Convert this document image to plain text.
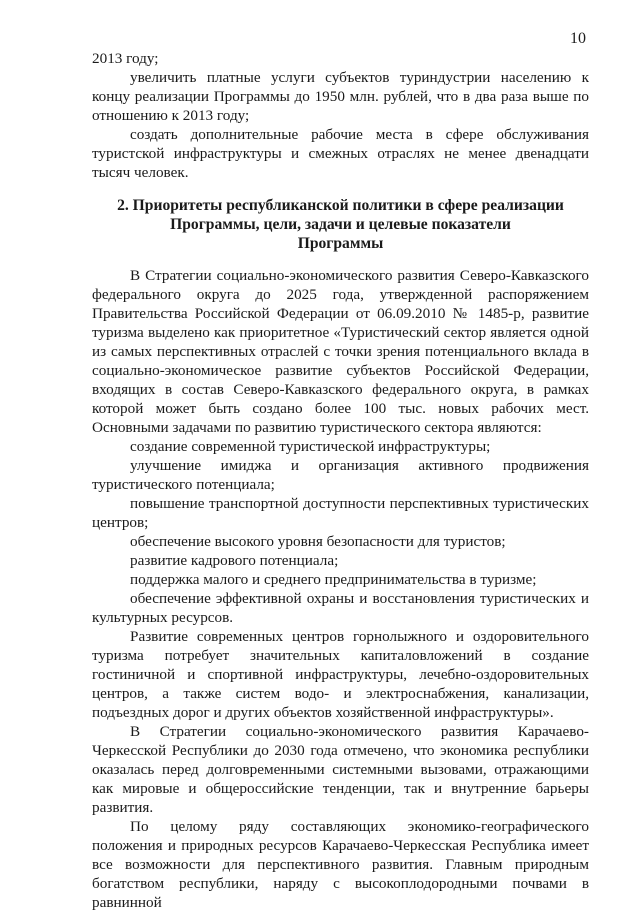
10

2013 году;

увеличить платные услуги субъектов туриндустрии населению к концу реализации Программы до 1950 млн. рублей, что в два раза выше по отношению к 2013 году;

создать дополнительные рабочие места в сфере обслуживания туристской инфраструктуры и смежных отраслях не менее двенадцати тысяч человек.

2. Приоритеты республиканской политики в сфере реализации

Программы, цели, задачи и целевые показатели

Программы

В Стратегии социально-экономического развития Северо-Кавказского федерального округа до 2025 года, утвержденной распоряжением Правительства Российской Федерации от 06.09.2010 № 1485-р, развитие туризма выделено как приоритетное «Туристический сектор является одной из самых перспективных отраслей с точки зрения потенциального вклада в социально-экономическое развитие субъектов Российской Федерации, входящих в состав Северо-Кавказского федерального округа, в рамках которой может быть создано более 100 тыс. новых рабочих мест. Основными задачами по развитию туристического сектора являются:

создание современной туристической инфраструктуры;

улучшение имиджа и организация активного продвижения туристического потенциала;

повышение транспортной доступности перспективных туристических центров;

обеспечение высокого уровня безопасности для туристов;

развитие кадрового потенциала;

поддержка малого и среднего предпринимательства в туризме;

обеспечение эффективной охраны и восстановления туристических и культурных ресурсов.

Развитие современных центров горнолыжного и оздоровительного туризма потребует значительных капиталовложений в создание гостиничной и спортивной инфраструктуры, лечебно-оздоровительных центров, а также систем водо- и электроснабжения, канализации, подъездных дорог и других объектов хозяйственной инфраструктуры».

В Стратегии социально-экономического развития Карачаево-Черкесской Республики до 2030 года отмечено, что экономика республики оказалась перед долговременными системными вызовами, отражающими как мировые и общероссийские тенденции, так и внутренние барьеры развития.

По целому ряду составляющих экономико-географического положения и природных ресурсов Карачаево-Черкесская Республика имеет все возможности для перспективного развития. Главным природным богатством республики, наряду с высокоплодородными почвами в равнинной
